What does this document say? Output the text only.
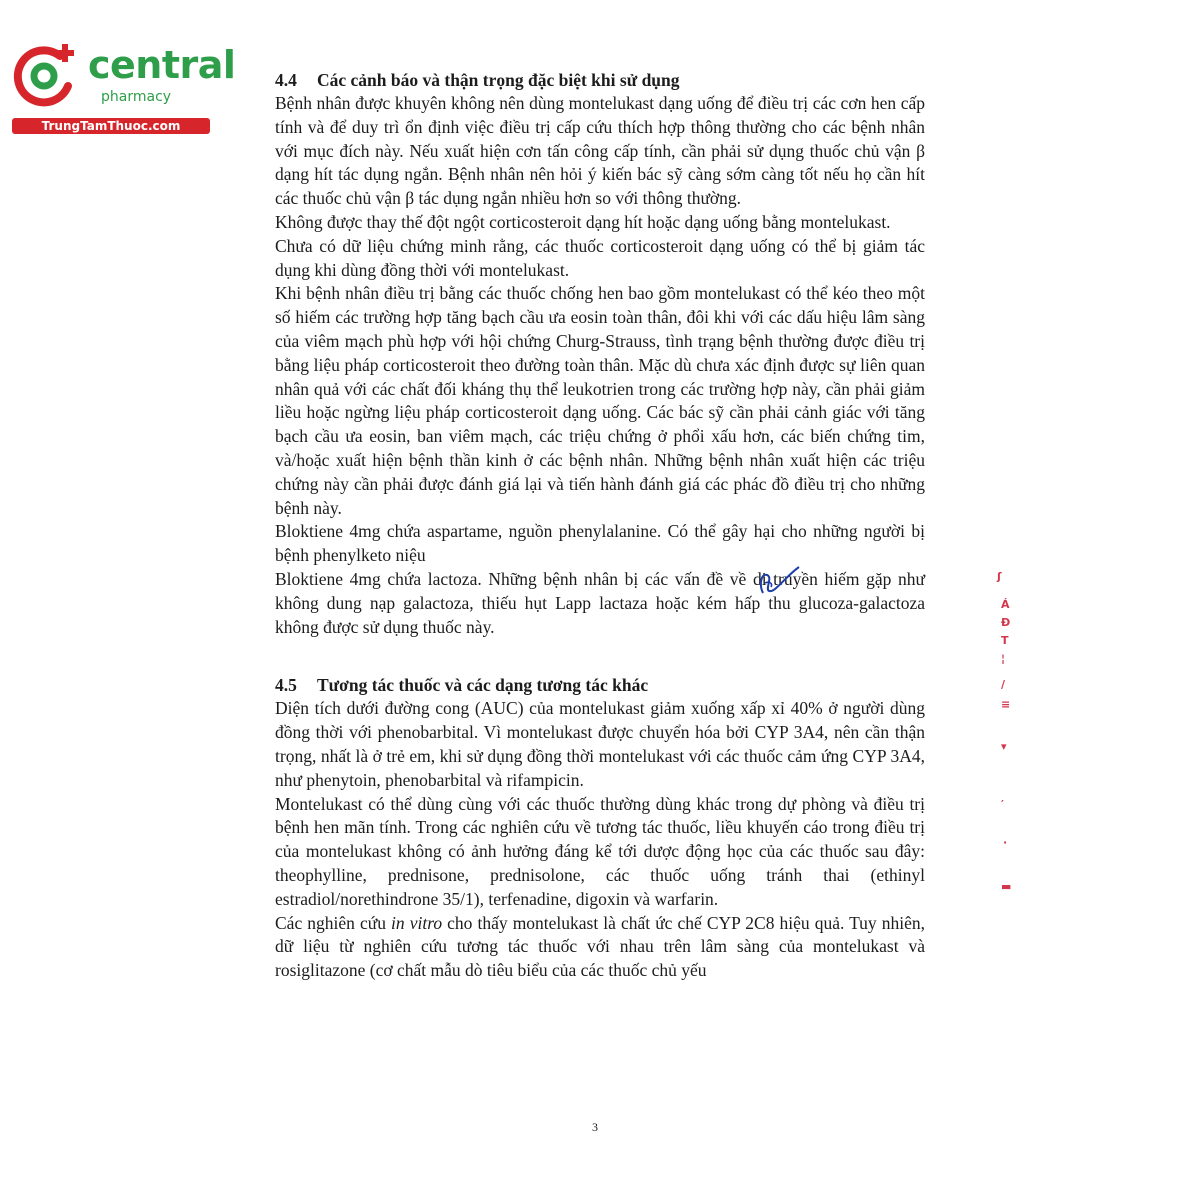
central
pharmacy
TrungTamThuoc.com
4.4 Các cảnh báo và thận trọng đặc biệt khi sử dụng

Bệnh nhân được khuyên không nên dùng montelukast dạng uống để điều trị các cơn hen cấp tính và để duy trì ổn định việc điều trị cấp cứu thích hợp thông thường cho các bệnh nhân với mục đích này. Nếu xuất hiện cơn tấn công cấp tính, cần phải sử dụng thuốc chủ vận β dạng hít tác dụng ngắn. Bệnh nhân nên hỏi ý kiến bác sỹ càng sớm càng tốt nếu họ cần hít các thuốc chủ vận β tác dụng ngắn nhiều hơn so với thông thường.

Không được thay thế đột ngột corticosteroit dạng hít hoặc dạng uống bằng montelukast.

Chưa có dữ liệu chứng minh rằng, các thuốc corticosteroit dạng uống có thể bị giảm tác dụng khi dùng đồng thời với montelukast.

Khi bệnh nhân điều trị bằng các thuốc chống hen bao gồm montelukast có thể kéo theo một số hiếm các trường hợp tăng bạch cầu ưa eosin toàn thân, đôi khi với các dấu hiệu lâm sàng của viêm mạch phù hợp với hội chứng Churg-Strauss, tình trạng bệnh thường được điều trị bằng liệu pháp corticosteroit theo đường toàn thân. Mặc dù chưa xác định được sự liên quan nhân quả với các chất đối kháng thụ thể leukotrien trong các trường hợp này, cần phải giảm liều hoặc ngừng liệu pháp corticosteroit dạng uống. Các bác sỹ cần phải cảnh giác với tăng bạch cầu ưa eosin, ban viêm mạch, các triệu chứng ở phổi xấu hơn, các biến chứng tim, và/hoặc xuất hiện bệnh thần kinh ở các bệnh nhân. Những bệnh nhân xuất hiện các triệu chứng này cần phải được đánh giá lại và tiến hành đánh giá các phác đồ điều trị cho những bệnh này.

Bloktiene 4mg chứa aspartame, nguồn phenylalanine. Có thể gây hại cho những người bị bệnh phenylketo niệu

Bloktiene 4mg chứa lactoza. Những bệnh nhân bị các vấn đề về di truyền hiếm gặp như không dung nạp galactoza, thiếu hụt Lapp lactaza hoặc kém hấp thu glucoza-galactoza không được sử dụng thuốc này.

4.5 Tương tác thuốc và các dạng tương tác khác

Diện tích dưới đường cong (AUC) của montelukast giảm xuống xấp xỉ 40% ở người dùng đồng thời với phenobarbital. Vì montelukast được chuyển hóa bởi CYP 3A4, nên cần thận trọng, nhất là ở trẻ em, khi sử dụng đồng thời montelukast với các thuốc cảm ứng CYP 3A4, như phenytoin, phenobarbital và rifampicin.

Montelukast có thể dùng cùng với các thuốc thường dùng khác trong dự phòng và điều trị bệnh hen mãn tính. Trong các nghiên cứu về tương tác thuốc, liều khuyến cáo trong điều trị của montelukast không có ảnh hưởng đáng kể tới dược động học của các thuốc sau đây: theophylline, prednisone, prednisolone, các thuốc uống tránh thai (ethinyl estradiol/norethindrone 35/1), terfenadine, digoxin và warfarin.

Các nghiên cứu in vitro cho thấy montelukast là chất ức chế CYP 2C8 hiệu quả. Tuy nhiên, dữ liệu từ nghiên cứu tương tác thuốc với nhau trên lâm sàng của montelukast và rosiglitazone (cơ chất mẫu dò tiêu biểu của các thuốc chủ yếu

ʃ
Á
Ð
T
¦
∕
≡
▾
′
·
▬
3
